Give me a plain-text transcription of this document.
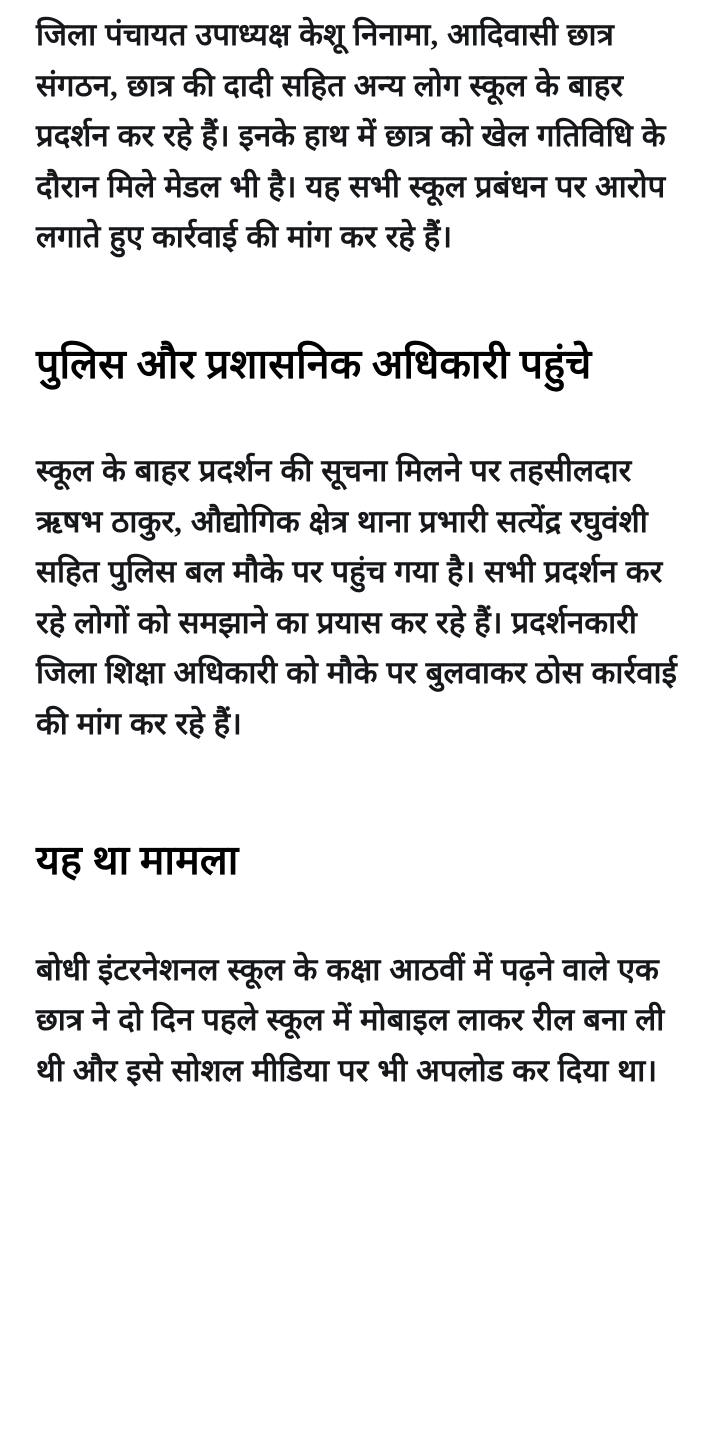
जिला पंचायत उपाध्यक्ष केशू निनामा, आदिवासी छात्र संगठन, छात्र की दादी सहित अन्य लोग स्कूल के बाहर प्रदर्शन कर रहे हैं। इनके हाथ में छात्र को खेल गतिविधि के दौरान मिले मेडल भी है। यह सभी स्कूल प्रबंधन पर आरोप लगाते हुए कार्रवाई की मांग कर रहे हैं।

पुलिस और प्रशासनिक अधिकारी पहुंचे

स्कूल के बाहर प्रदर्शन की सूचना मिलने पर तहसीलदार ऋषभ ठाकुर, औद्योगिक क्षेत्र थाना प्रभारी सत्येंद्र रघुवंशी सहित पुलिस बल मौके पर पहुंच गया है। सभी प्रदर्शन कर रहे लोगों को समझाने का प्रयास कर रहे हैं। प्रदर्शनकारी जिला शिक्षा अधिकारी को मौके पर बुलवाकर ठोस कार्रवाई की मांग कर रहे हैं।

यह था मामला

बोधी इंटरनेशनल स्कूल के कक्षा आठवीं में पढ़ने वाले एक छात्र ने दो दिन पहले स्कूल में मोबाइल लाकर रील बना ली थी और इसे सोशल मीडिया पर भी अपलोड कर दिया था।
